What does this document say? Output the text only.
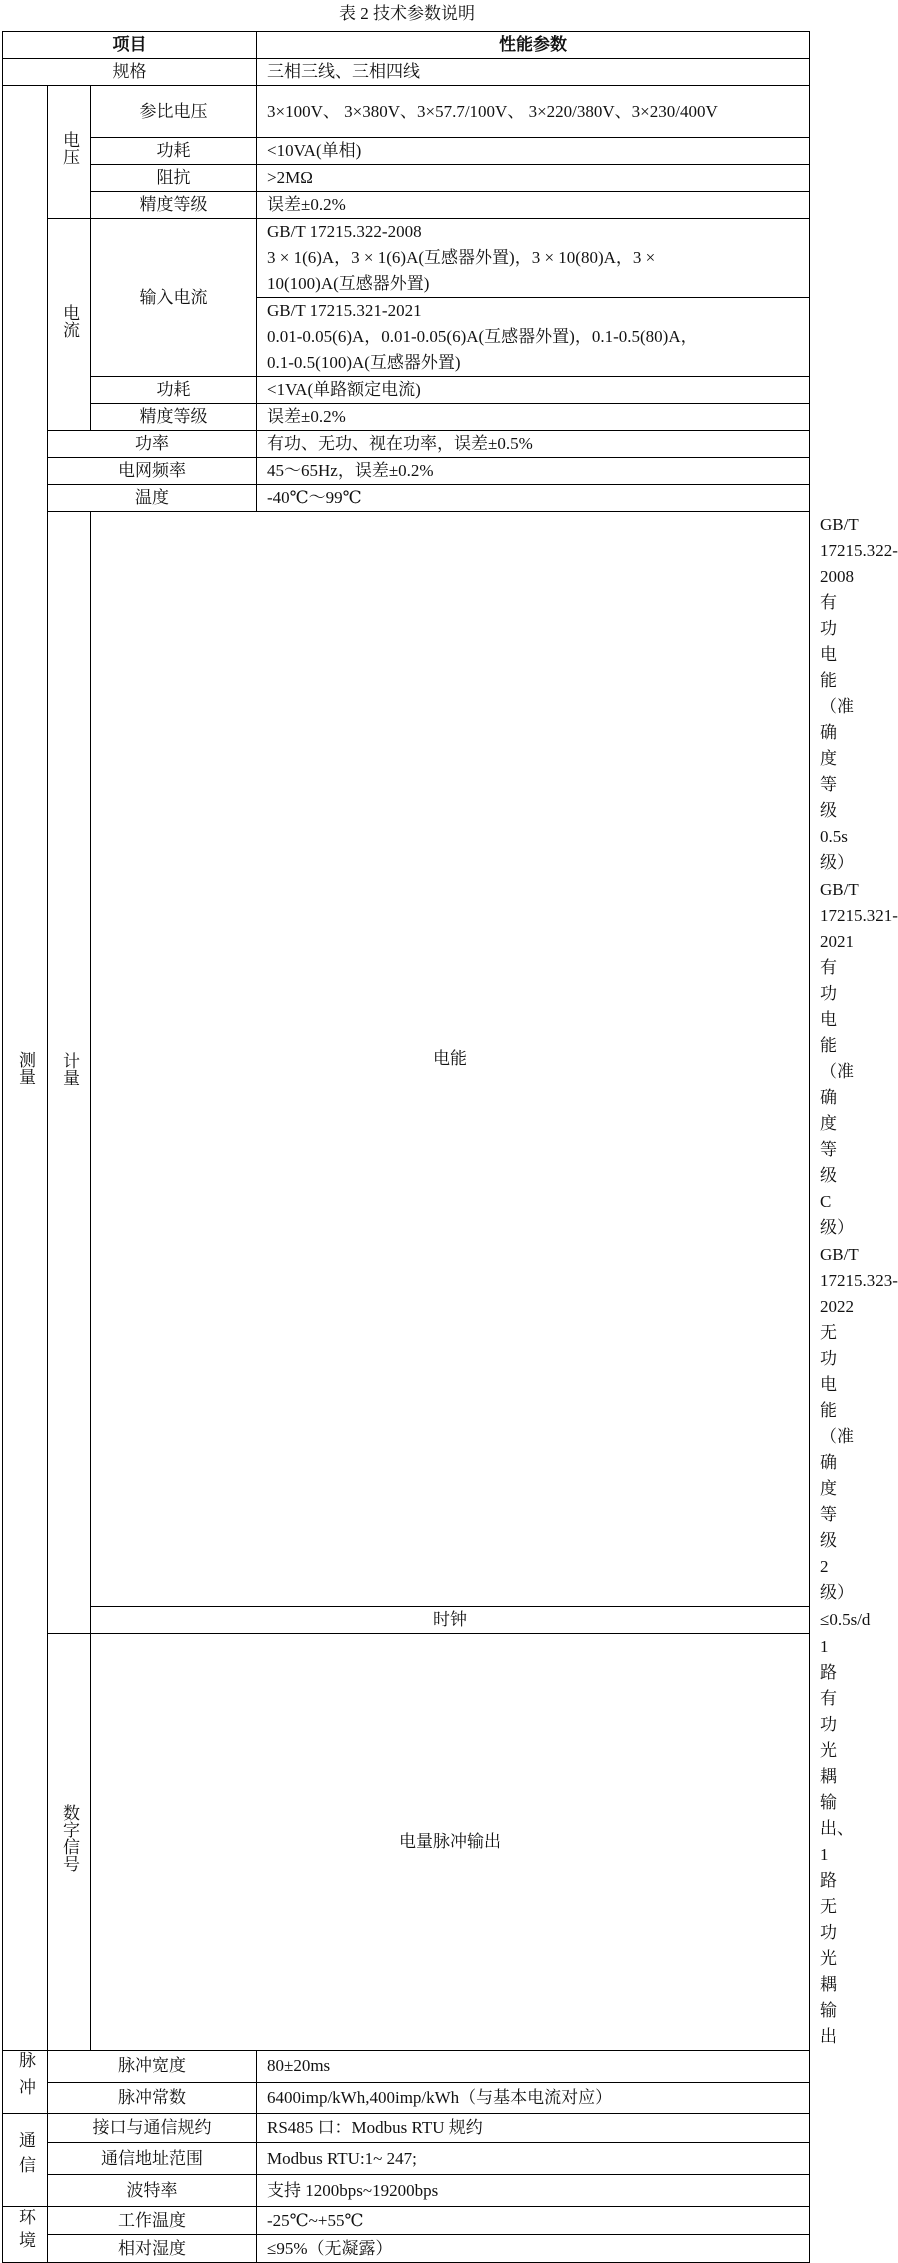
表 2 技术参数说明
项目			性能参数	
规格			三相三线、三相四线	

测量	电压	参比电压	3×100V、 3×380V、3×57.7/100V、 3×220/380V、3×230/400V	
		功耗	<10VA(单相)	
		阻抗	>2MΩ	
		精度等级	误差±0.2%	
	电流	输入电流	GB/T 17215.322-2008
3 × 1(6)A，3 × 1(6)A(互感器外置)，3 × 10(80)A，3 ×
10(100)A(互感器外置)	

			GB/T 17215.321-2021
0.01-0.05(6)A，0.01-0.05(6)A(互感器外置)，0.1-0.5(80)A，
0.1-0.5(100)A(互感器外置)	

		功耗	<1VA(单路额定电流)	
		精度等级	误差±0.2%	
	功率		有功、无功、视在功率，误差±0.5%	
	电网频率		45～65Hz，误差±0.2%	
	温度		-40℃～99℃	
	计量	电能		GB/T 17215.322-2008
有功电能（准确度等级 0.5s 级）

				GB/T 17215.321-2021
有功电能（准确度等级 C 级）

				GB/T 17215.323-2022
无功电能（准确度等级 2 级）

		时钟		≤0.5s/d
	数字信号	电量脉冲输出		1 路有功光耦输出、1 路无功光耦输出
脉冲	脉冲宽度		80±20ms	
	脉冲常数		6400imp/kWh,400imp/kWh（与基本电流对应）	
通信	接口与通信规约		RS485 口：Modbus RTU 规约	
	通信地址范围		Modbus RTU:1~ 247;	
	波特率		支持 1200bps~19200bps	
环境	工作温度		-25℃~+55℃	
	相对湿度		≤95%（无凝露）	
